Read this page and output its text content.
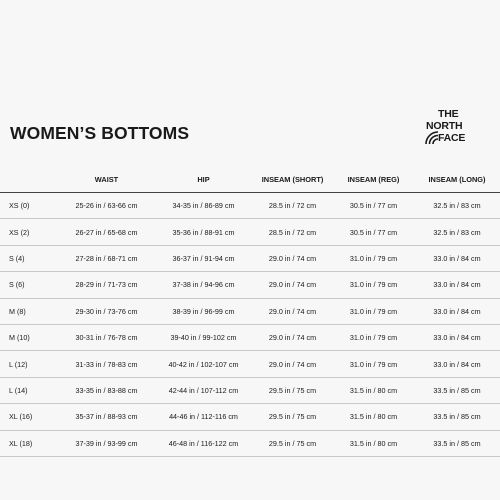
WOMEN’S BOTTOMS
THE
NORTH
FACE
	WAIST	HIP	INSEAM (SHORT)	INSEAM (REG)	INSEAM (LONG)
XS (0)	25-26 in / 63-66 cm	34-35 in / 86-89 cm	28.5 in / 72 cm	30.5 in / 77 cm	32.5 in / 83 cm
XS (2)	26-27 in / 65-68 cm	35-36 in / 88-91 cm	28.5 in / 72 cm	30.5 in / 77 cm	32.5 in / 83 cm
S (4)	27-28 in / 68-71 cm	36-37 in / 91-94 cm	29.0 in / 74 cm	31.0 in / 79 cm	33.0 in / 84 cm
S (6)	28-29 in / 71-73 cm	37-38 in / 94-96 cm	29.0 in / 74 cm	31.0 in / 79 cm	33.0 in / 84 cm
M (8)	29-30 in / 73-76 cm	38-39 in / 96-99 cm	29.0 in / 74 cm	31.0 in / 79 cm	33.0 in / 84 cm
M (10)	30-31 in / 76-78 cm	39-40 in / 99-102 cm	29.0 in / 74 cm	31.0 in / 79 cm	33.0 in / 84 cm
L (12)	31-33 in / 78-83 cm	40-42 in / 102-107 cm	29.0 in / 74 cm	31.0 in / 79 cm	33.0 in / 84 cm
L (14)	33-35 in / 83-88 cm	42-44 in / 107-112 cm	29.5 in / 75 cm	31.5 in / 80 cm	33.5 in / 85 cm
XL (16)	35-37 in / 88-93 cm	44-46 in / 112-116 cm	29.5 in / 75 cm	31.5 in / 80 cm	33.5 in / 85 cm
XL (18)	37-39 in / 93-99 cm	46-48 in / 116-122 cm	29.5 in / 75 cm	31.5 in / 80 cm	33.5 in / 85 cm
